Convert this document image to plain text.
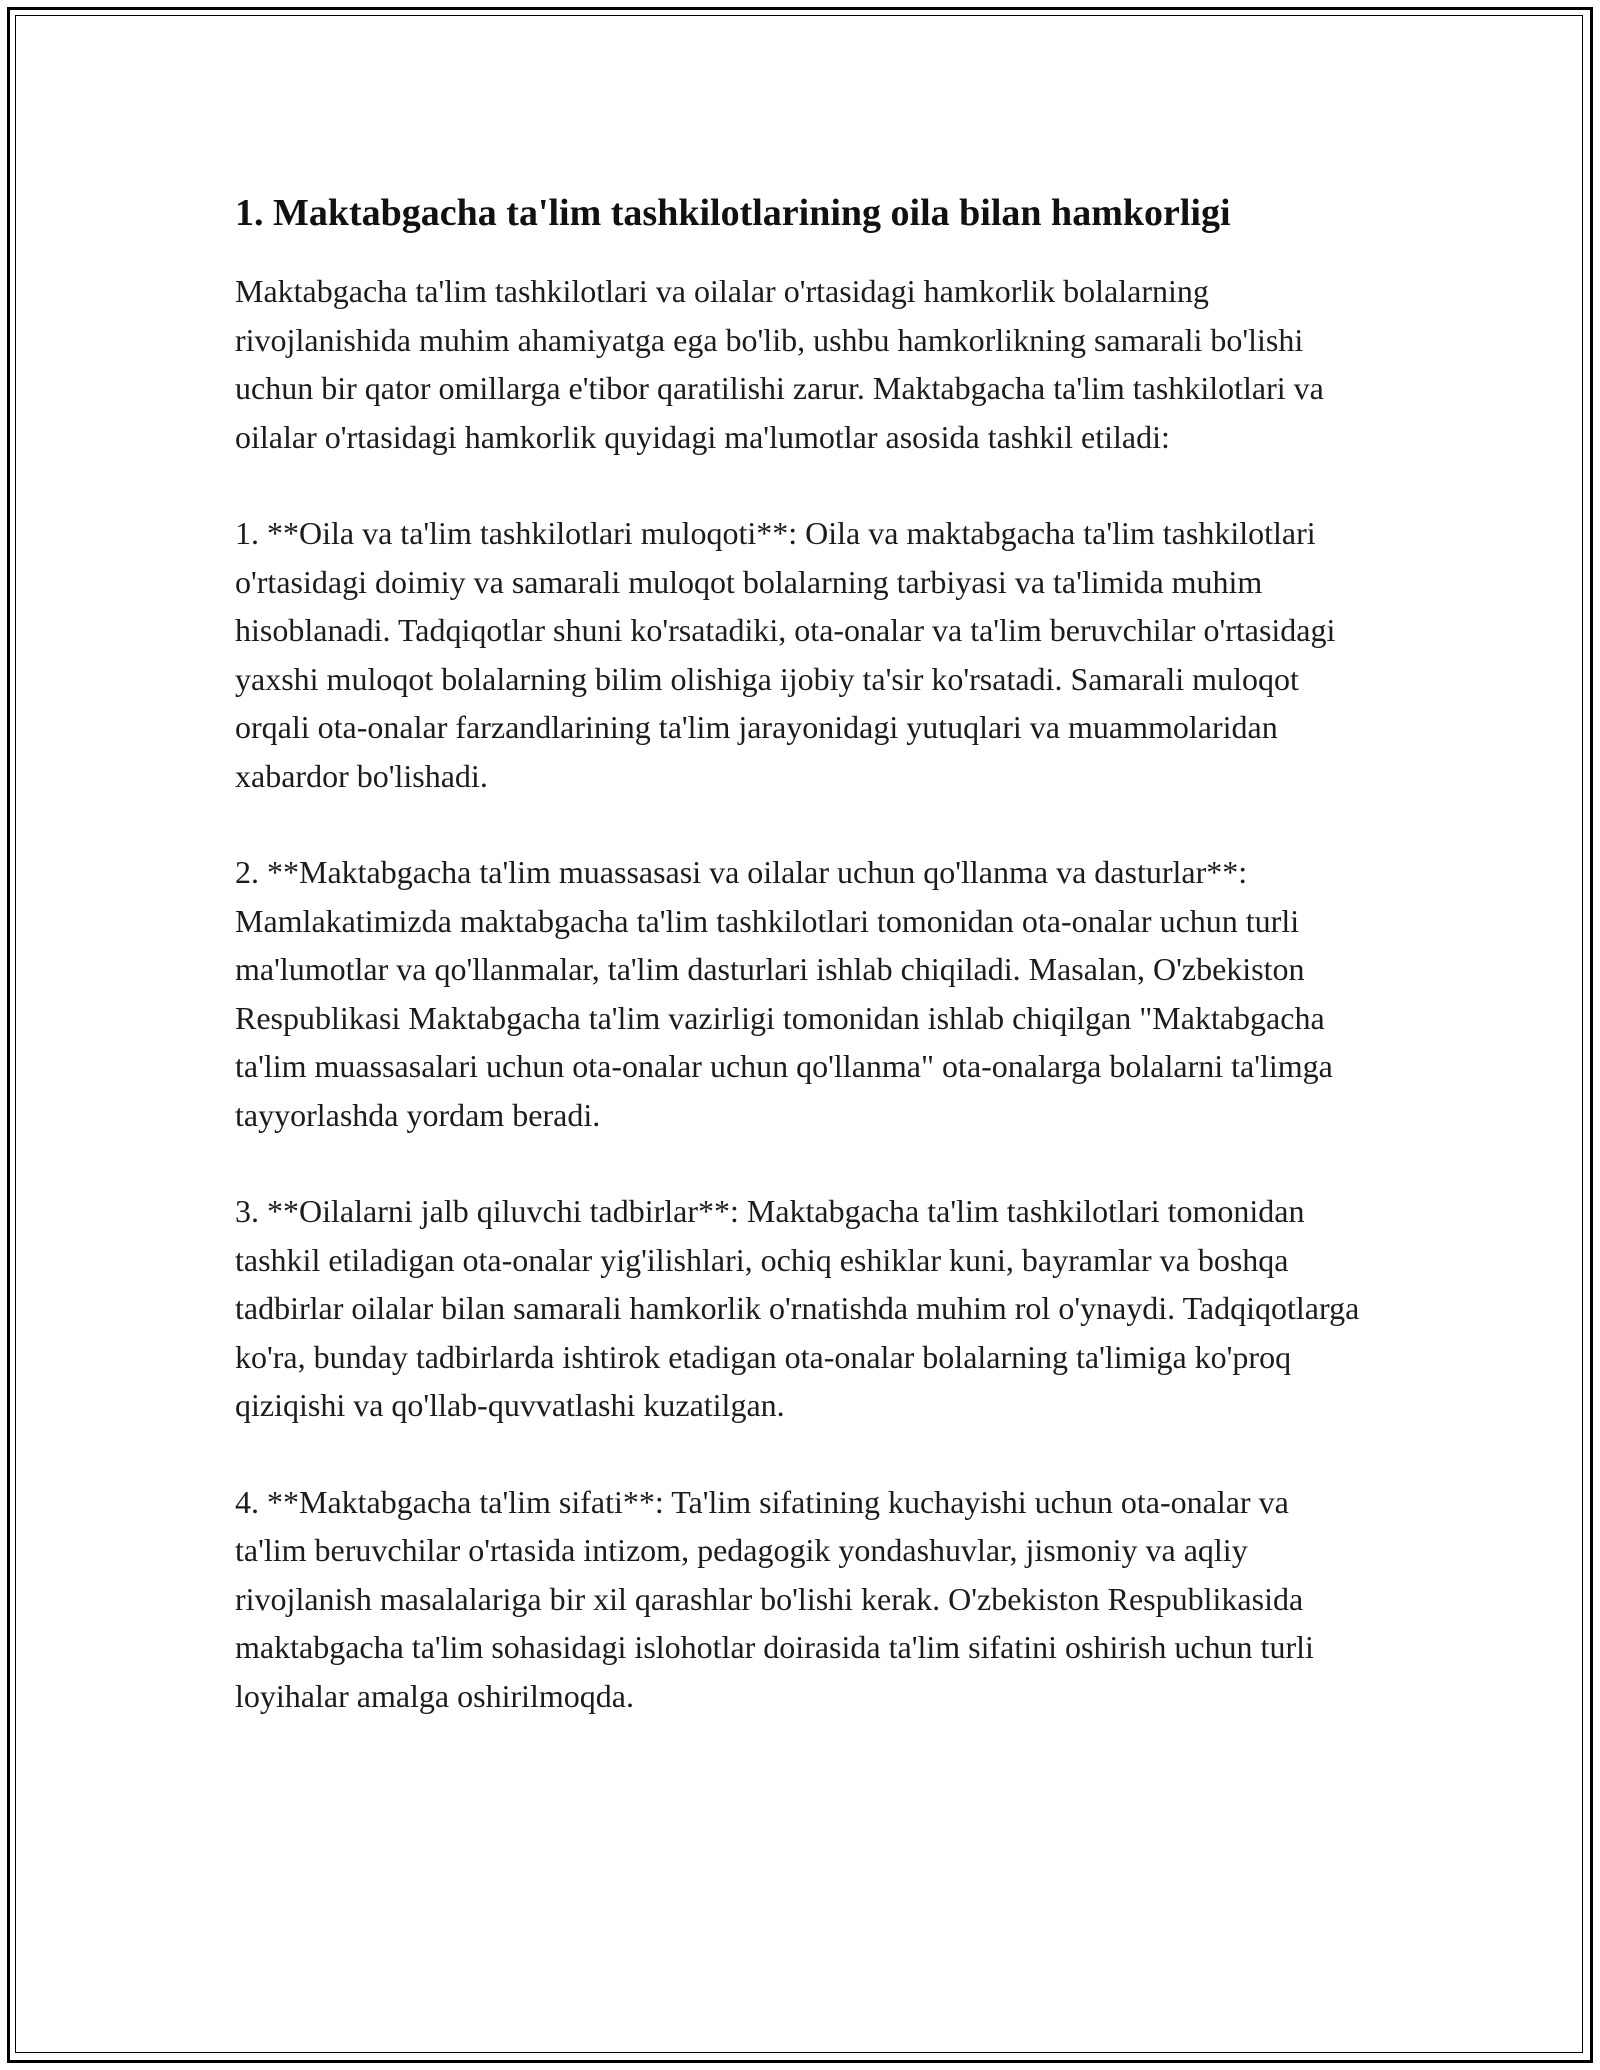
1. Maktabgacha ta'lim tashkilotlarining oila bilan hamkorligi

Maktabgacha ta'lim tashkilotlari va oilalar o'rtasidagi hamkorlik bolalarning rivojlanishida muhim ahamiyatga ega bo'lib, ushbu hamkorlikning samarali bo'lishi uchun bir qator omillarga e'tibor qaratilishi zarur. Maktabgacha ta'lim tashkilotlari va oilalar o'rtasidagi hamkorlik quyidagi ma'lumotlar asosida tashkil etiladi:

1. **Oila va ta'lim tashkilotlari muloqoti**: Oila va maktabgacha ta'lim tashkilotlari o'rtasidagi doimiy va samarali muloqot bolalarning tarbiyasi va ta'limida muhim hisoblanadi. Tadqiqotlar shuni ko'rsatadiki, ota-onalar va ta'lim beruvchilar o'rtasidagi yaxshi muloqot bolalarning bilim olishiga ijobiy ta'sir ko'rsatadi. Samarali muloqot orqali ota-onalar farzandlarining ta'lim jarayonidagi yutuqlari va muammolaridan xabardor bo'lishadi.

2. **Maktabgacha ta'lim muassasasi va oilalar uchun qo'llanma va dasturlar**: Mamlakatimizda maktabgacha ta'lim tashkilotlari tomonidan ota-onalar uchun turli ma'lumotlar va qo'llanmalar, ta'lim dasturlari ishlab chiqiladi. Masalan, O'zbekiston Respublikasi Maktabgacha ta'lim vazirligi tomonidan ishlab chiqilgan "Maktabgacha ta'lim muassasalari uchun ota-onalar uchun qo'llanma" ota-onalarga bolalarni ta'limga tayyorlashda yordam beradi.

3. **Oilalarni jalb qiluvchi tadbirlar**: Maktabgacha ta'lim tashkilotlari tomonidan tashkil etiladigan ota-onalar yig'ilishlari, ochiq eshiklar kuni, bayramlar va boshqa tadbirlar oilalar bilan samarali hamkorlik o'rnatishda muhim rol o'ynaydi. Tadqiqotlarga ko'ra, bunday tadbirlarda ishtirok etadigan ota-onalar bolalarning ta'limiga ko'proq qiziqishi va qo'llab-quvvatlashi kuzatilgan.

4. **Maktabgacha ta'lim sifati**: Ta'lim sifatining kuchayishi uchun ota-onalar va ta'lim beruvchilar o'rtasida intizom, pedagogik yondashuvlar, jismoniy va aqliy rivojlanish masalalariga bir xil qarashlar bo'lishi kerak. O'zbekiston Respublikasida maktabgacha ta'lim sohasidagi islohotlar doirasida ta'lim sifatini oshirish uchun turli loyihalar amalga oshirilmoqda.
